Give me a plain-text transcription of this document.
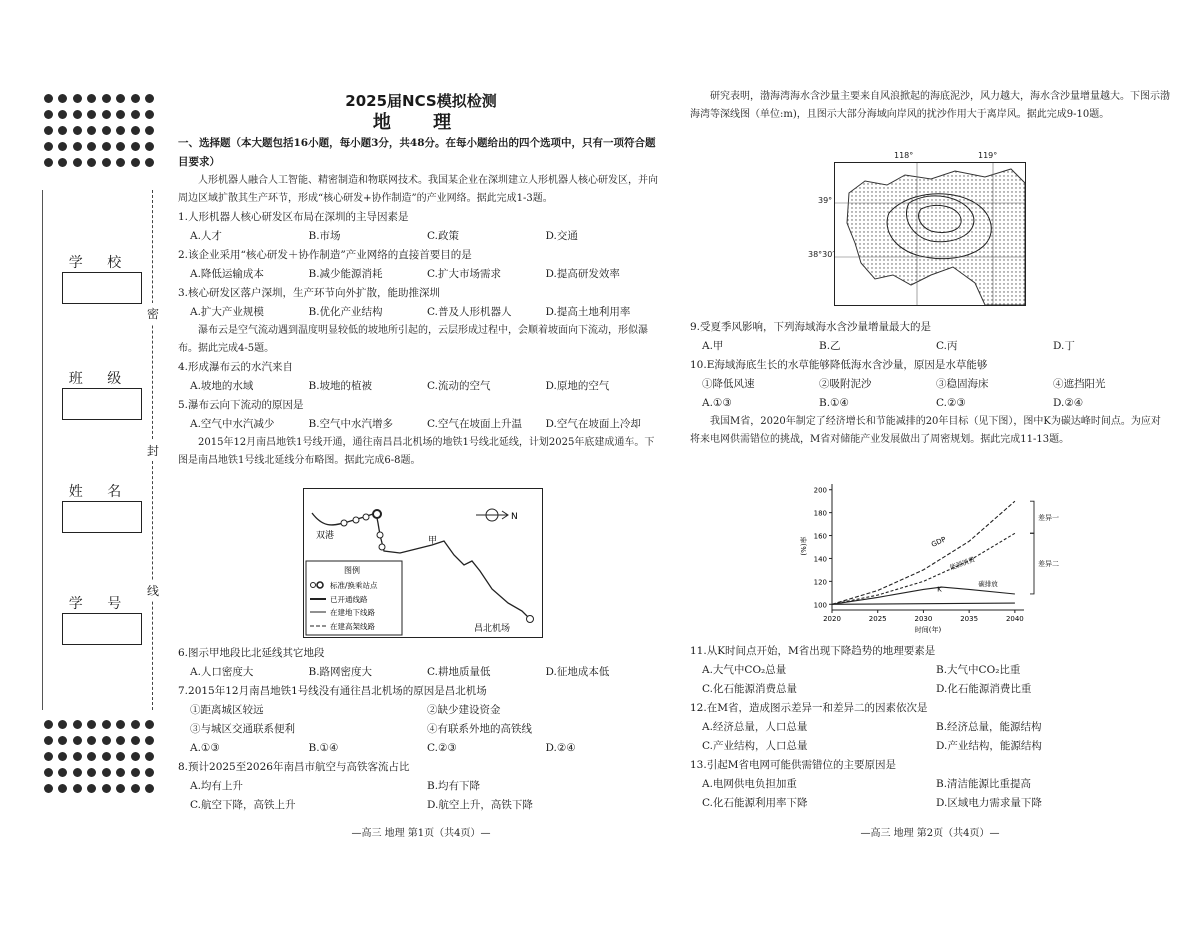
密
封
线
学 校
班 级
姓 名
学 号
2025届NCS模拟检测
地 理
一、选择题（本大题包括16小题，每小题3分，共48分。在每小题给出的四个选项中，只有一项符合题目要求）
人形机器人融合人工智能、精密制造和物联网技术。我国某企业在深圳建立人形机器人核心研发区，并向周边区域扩散其生产环节，形成“核心研发+协作制造”的产业网络。据此完成1-3题。
1.人形机器人核心研发区布局在深圳的主导因素是
A.人才	B.市场	C.政策	D.交通
2.该企业采用“核心研发＋协作制造”产业网络的直接首要目的是
A.降低运输成本	B.减少能源消耗	C.扩大市场需求	D.提高研发效率
3.核心研发区落户深圳，生产环节向外扩散，能助推深圳
A.扩大产业规模	B.优化产业结构	C.普及人形机器人	D.提高土地利用率
瀑布云是空气流动遇到温度明显较低的坡地所引起的，云层形成过程中，会顺着坡面向下流动，形似瀑布。据此完成4-5题。
4.形成瀑布云的水汽来自
A.坡地的水域	B.坡地的植被	C.流动的空气	D.原地的空气
5.瀑布云向下流动的原因是
A.空气中水汽减少	B.空气中水汽增多	C.空气在坡面上升温	D.空气在坡面上冷却
2015年12月南昌地铁1号线开通，通往南昌昌北机场的地铁1号线北延线，计划2025年底建成通车。下图是南昌地铁1号线北延线分布略图。据此完成6-8题。
双港	甲
昌北机场
N
图例
标准/换乘站点
已开通线路
在建地下线路
在建高架线路
6.图示甲地段比北延线其它地段
A.人口密度大	B.路网密度大	C.耕地质量低	D.征地成本低
7.2015年12月南昌地铁1号线没有通往昌北机场的原因是昌北机场
①距离城区较远	②缺少建设资金
③与城区交通联系便利	④有联系外地的高铁线
A.①③	B.①④	C.②③	D.②④
8.预计2025至2026年南昌市航空与高铁客流占比
A.均有上升	B.均有下降
C.航空下降，高铁上升	D.航空上升，高铁下降
—高三 地理 第1页（共4页）—
研究表明，渤海湾海水含沙量主要来自风浪掀起的海底泥沙，风力越大，海水含沙量增量越大。下图示渤海湾等深线图（单位:m)，且图示大部分海域向岸风的扰沙作用大于离岸风。据此完成9-10题。
118°	119°
39°
38°30′
9.受夏季风影响，下列海域海水含沙量增量最大的是
A.甲	B.乙	C.丙	D.丁
10.E海域海底生长的水草能够降低海水含沙量，原因是水草能够
①降低风速	②吸附泥沙	③稳固海床	④遮挡阳光
A.①③	B.①④	C.②③	D.②④
我国M省，2020年制定了经济增长和节能减排的20年目标（见下图），图中K为碳达峰时间点。为应对将来电网供需错位的挑战，M省对储能产业发展做出了周密规划。据此完成11-13题。
100
120
140
160
180
200
2020	2025	2030	2035	2040
时间(年)
(%)率	GDP
能源消费
碳排放
K
差异一
差异二
11.从K时间点开始，M省出现下降趋势的地理要素是
A.大气中CO₂总量	B.大气中CO₂比重
C.化石能源消费总量	D.化石能源消费比重
12.在M省，造成图示差异一和差异二的因素依次是
A.经济总量，人口总量	B.经济总量，能源结构
C.产业结构，人口总量	D.产业结构，能源结构
13.引起M省电网可能供需错位的主要原因是
A.电网供电负担加重	B.清洁能源比重提高
C.化石能源利用率下降	D.区域电力需求量下降
—高三 地理 第2页（共4页）—
